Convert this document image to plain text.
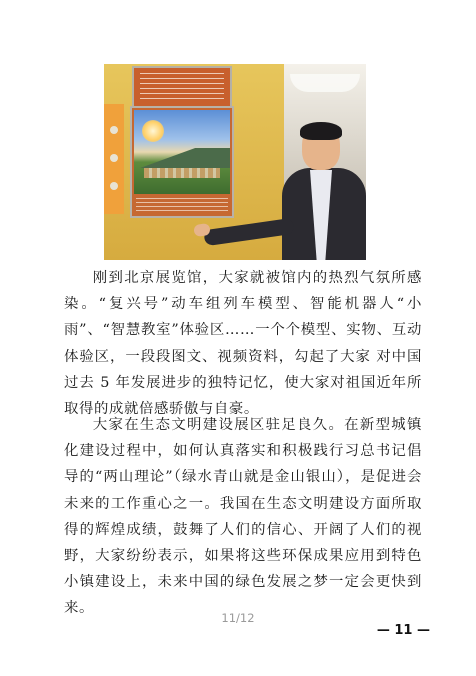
刚到北京展览馆，大家就被馆内的热烈气氛所感染。“复兴号”动车组列车模型、智能机器人“小雨”、“智慧教室”体验区……一个个模型、实物、互动体验区，一段段图文、视频资料，勾起了大家 对中国过去 5 年发展进步的独特记忆，使大家对祖国近年所取得的成就倍感骄傲与自豪。

大家在生态文明建设展区驻足良久。在新型城镇化建设过程中，如何认真落实和积极践行习总书记倡导的“两山理论”（绿水青山就是金山银山），是促进会未来的工作重心之一。我国在生态文明建设方面所取得的辉煌成绩，鼓舞了人们的信心、开阔了人们的视野，大家纷纷表示，如果将这些环保成果应用到特色小镇建设上，未来中国的绿色发展之梦一定会更快到来。

11/12
— 11 —
